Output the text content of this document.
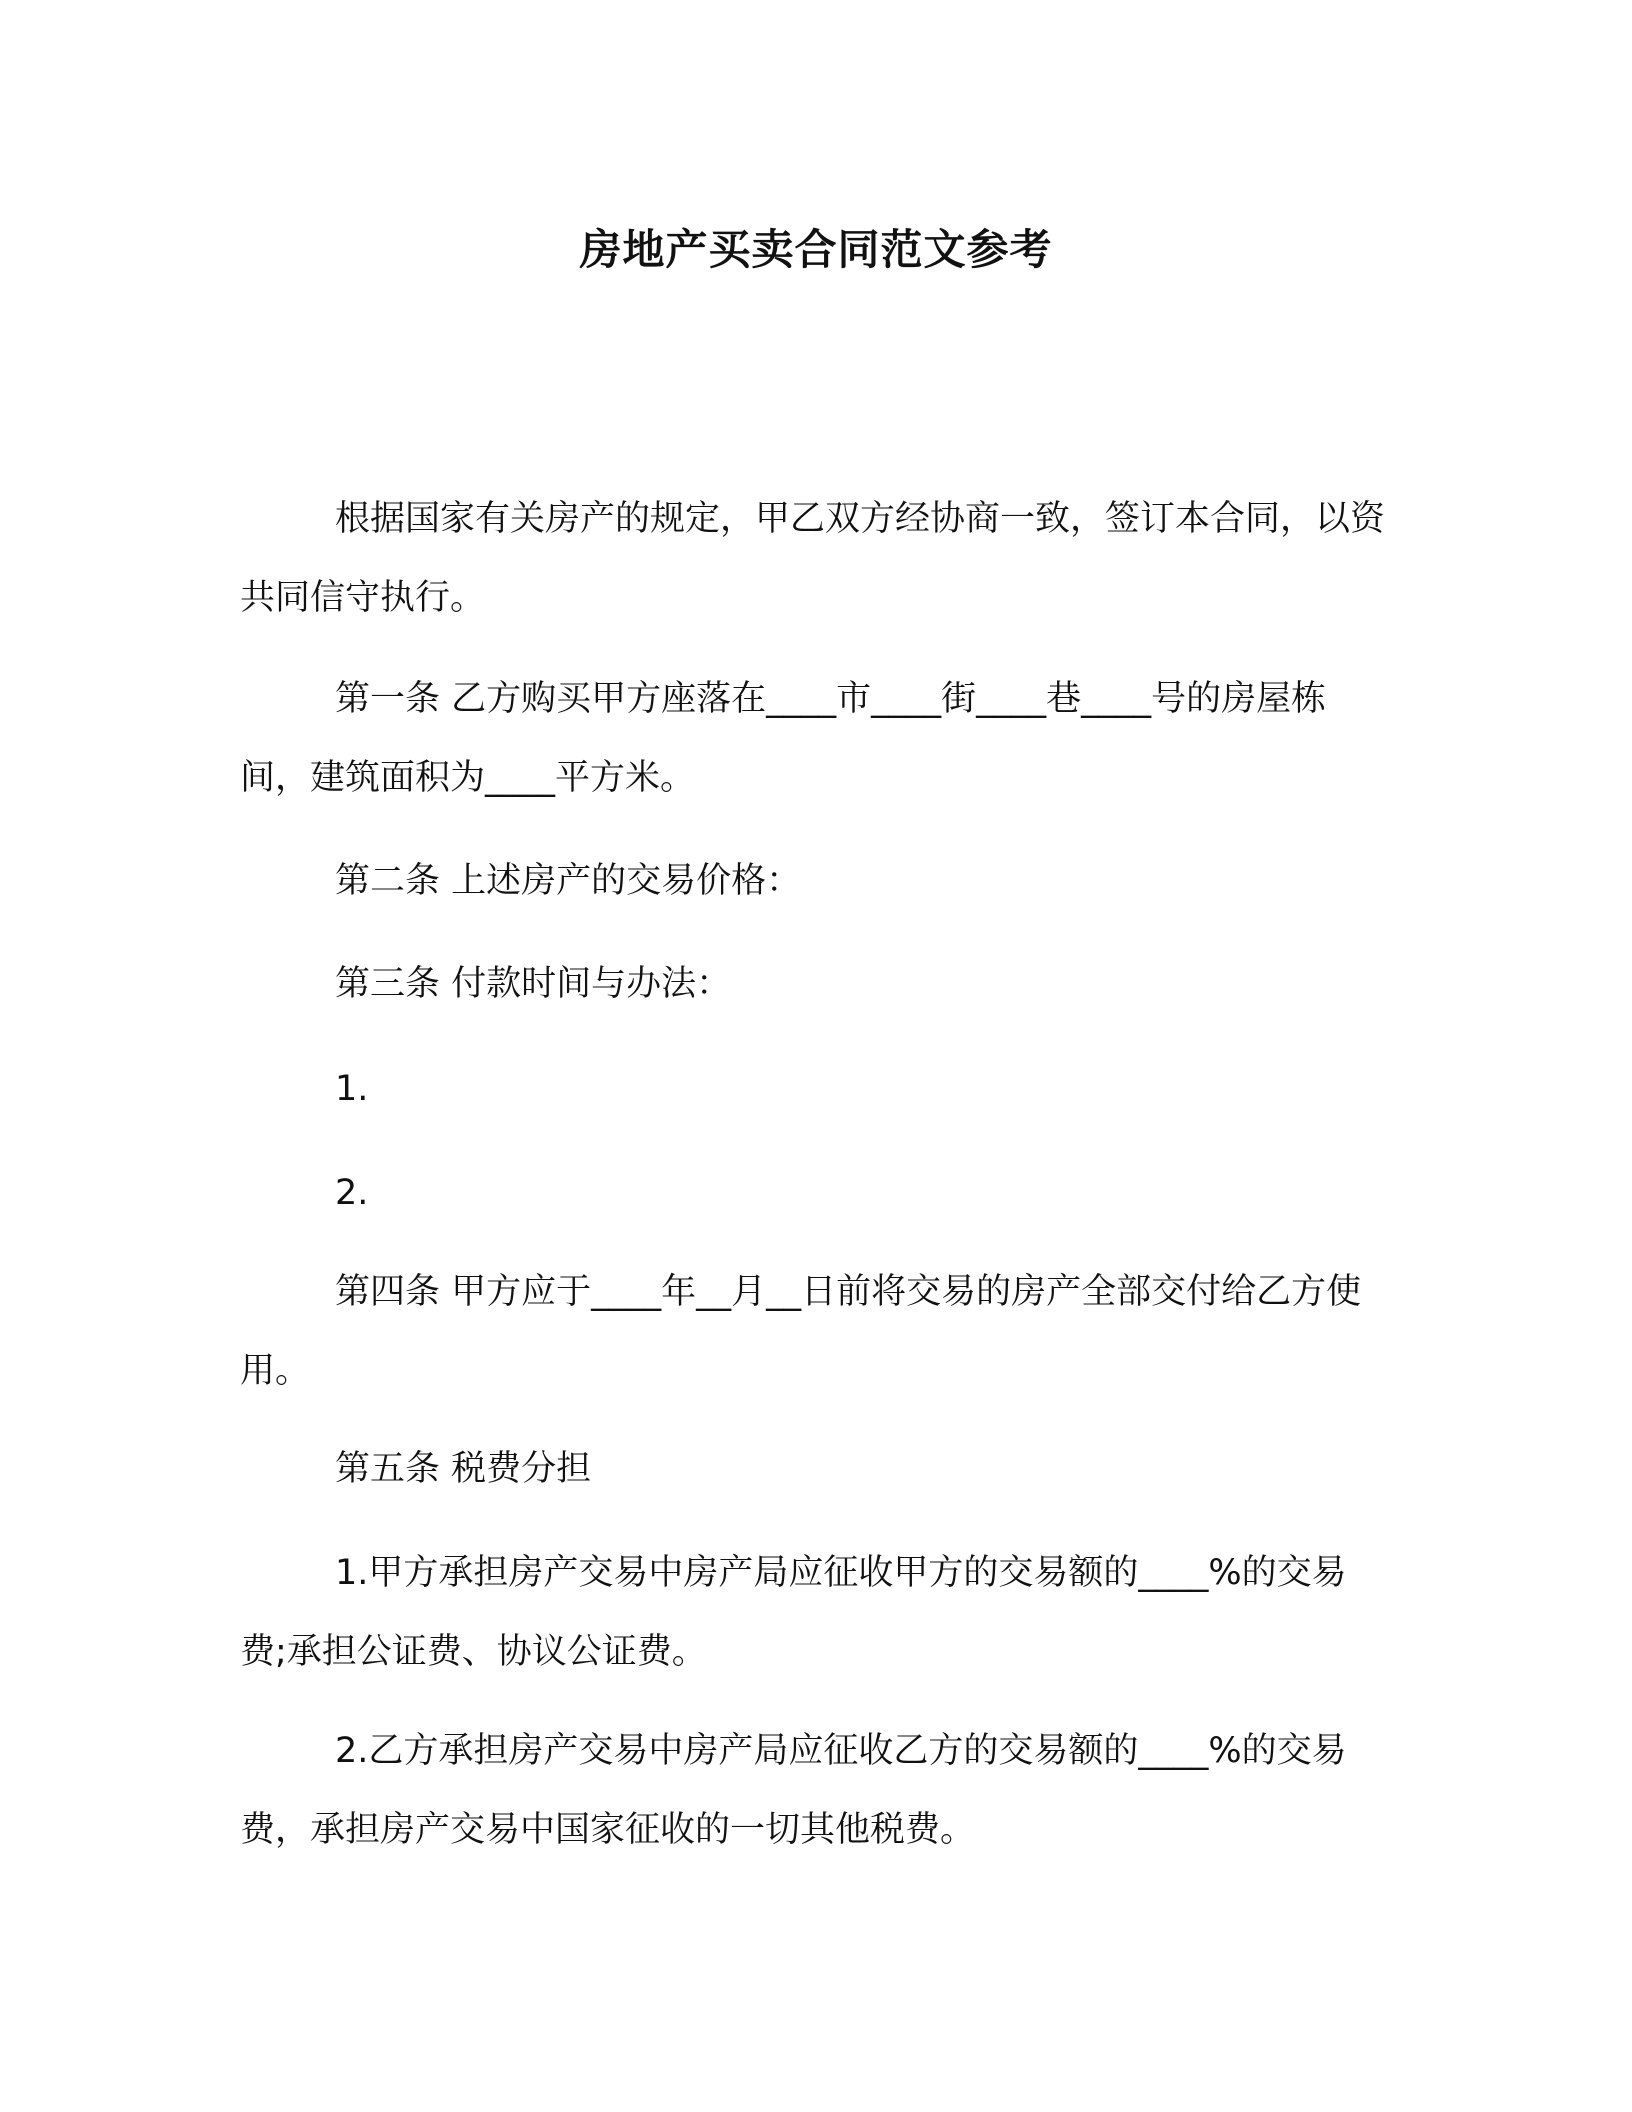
房地产买卖合同范文参考
根据国家有关房产的规定，甲乙双方经协商一致，签订本合同，以资共同信守执行。
第一条 乙方购买甲方座落在____市____街____巷____号的房屋栋 间，建筑面积为____平方米。
第二条 上述房产的交易价格：
第三条 付款时间与办法：
1.
2.
第四条 甲方应于____年__月__日前将交易的房产全部交付给乙方使用。
第五条 税费分担
1.甲方承担房产交易中房产局应征收甲方的交易额的____%的交易费;承担公证费、协议公证费。
2.乙方承担房产交易中房产局应征收乙方的交易额的____%的交易费，承担房产交易中国家征收的一切其他税费。
